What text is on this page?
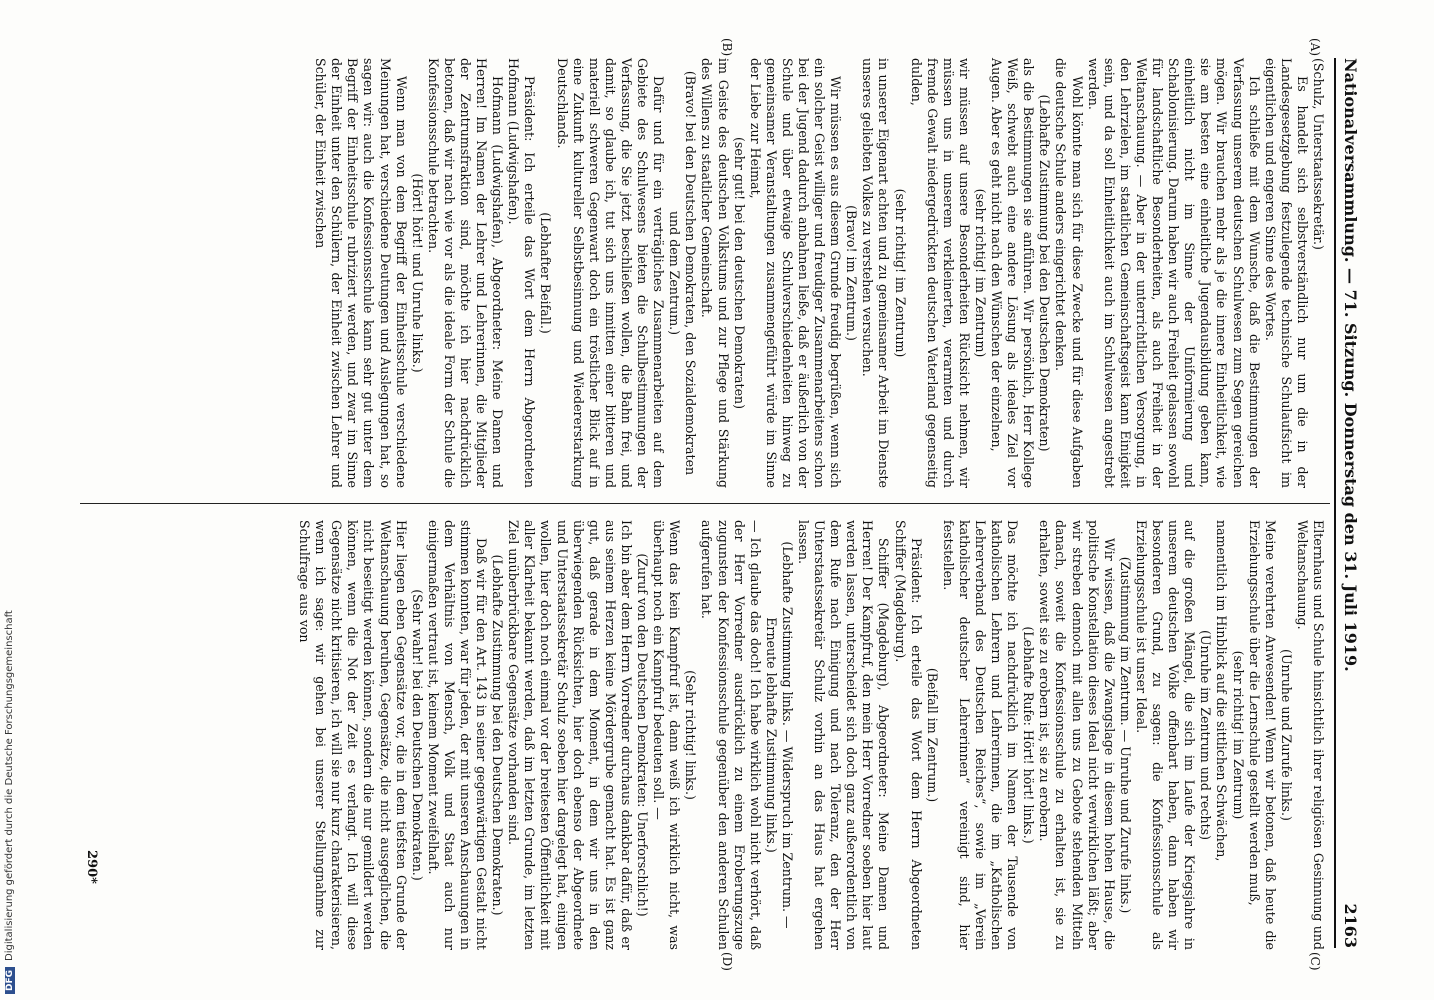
Nationalversammlung. — 71. Sitzung. Donnerstag den 31. Juli 1919.
2163
(A)
(B)
(C)
(D)

(Schulz, Unterstaatssekretär.)

Es handelt sich selbstverständlich nur um die in der Landesgesetzgebung festzulegende technische Schulaufsicht im eigentlichen und engeren Sinne des Wortes.

Ich schließe mit dem Wunsche, daß die Bestimmungen der Verfassung unserem deutschen Schulwesen zum Segen gereichen mögen. Wir brauchen mehr als je die innere Einheitlichkeit, wie sie am besten eine einheitliche Jugendausbildung geben kann, einheitlich nicht im Sinne der Uniformierung und Schablonisierung. Darum haben wir auch Freiheit gelassen sowohl für landschaftliche Besonderheiten, als auch Freiheit in der Weltanschauung. — Aber in der unterrichtlichen Versorgung, in den Lehrzielen, im staatlichen Gemeinschaftsgeist kann Einigkeit sein, und da soll Einheitlichkeit auch im Schulwesen angestrebt werden.

Wohl könnte man sich für diese Zwecke und für diese Aufgaben die deutsche Schule anders eingerichtet denken.

(Lebhafte Zustimmung bei den Deutschen Demokraten)

als die Bestimmungen sie anführen. Wir persönlich, Herr Kollege Weiß, schwebt auch eine andere Lösung als ideales Ziel vor Augen. Aber es geht nicht nach den Wünschen der einzelnen,

(sehr richtig! im Zentrum)

wir müssen auf unsere Besonderheiten Rücksicht nehmen, wir müssen uns in unserem verkleinerten, verarmten und durch fremde Gewalt niedergedrückten deutschen Vaterland gegenseitig dulden,

(sehr richtig! im Zentrum)

in unserer Eigenart achten und zu gemeinsamer Arbeit im Dienste unseres geliebten Volkes zu verstehen versuchen.

(Bravo! im Zentrum.)

Wir müssen es aus diesem Grunde freudig begrüßen, wenn sich ein solcher Geist williger und freudiger Zusammenarbeitens schon bei der Jugend dadurch anbahnen ließe, daß er äußerlich von der Schule und über etwaige Schulverschiedenheiten hinweg zu gemeinsamer Veranstaltungen zusammengeführt würde im Sinne der Liebe zur Heimat,

(sehr gut! bei den deutschen Demokraten)

im Geiste des deutschen Volkstums und zur Pflege und Stärkung des Willens zu staatlicher Gemeinschaft.

(Bravo! bei den Deutschen Demokraten, den Sozialdemokraten und dem Zentrum.)

Dafür und für ein verträgliches Zusammenarbeiten auf dem Gebiete des Schulwesens bieten die Schulbestimmungen der Verfassung, die Sie jetzt beschließen wollen, die Bahn frei, und damit, so glaube ich, tut sich uns inmitten einer bitteren und materiell schweren Gegenwart doch ein tröstlicher Blick auf in eine Zukunft kultureller Selbstbesinnung und Wiedererstarkung Deutschlands.

(Lebhafter Beifall.)

Präsident: Ich erteile das Wort dem Herrn Abgeordneten Hofmann (Ludwigshafen).

Hofmann (Ludwigshafen), Abgeordneter: Meine Damen und Herren! Im Namen der Lehrer und Lehrerinnen, die Mitglieder der Zentrumsfraktion sind, möchte ich hier nachdrücklich betonen, daß wir nach wie vor als die ideale Form der Schule die Konfessionsschule betrachten.

(Hört! hört! und Unruhe links.)

Wenn man von dem Begriff der Einheitsschule verschiedene Meinungen hat, verschiedene Deutungen und Auslegungen hat, so sagen wir: auch die Konfessionsschule kann sehr gut unter dem Begriff der Einheitsschule rubriziert werden, und zwar im Sinne der Einheit unter den Schülern, der Einheit zwischen Lehrer und Schüler, der Einheit zwischen

Elternhaus und Schule hinsichtlich ihrer religiösen Gesinnung und Weltanschauung.

(Unruhe und Zurufe links.)

Meine verehrten Anwesenden! Wenn wir betonen, daß heute die Erziehungsschule über die Lernschule gestellt werden muß,

(sehr richtig! im Zentrum)

namentlich im Hinblick auf die sittlichen Schwächen,

(Unruhe im Zentrum und rechts)

auf die großen Mängel, die sich im Laufe der Kriegsjahre in unserem deutschen Volke offenbart haben, dann haben wir besonderen Grund, zu sagen: die Konfessionsschule als Erziehungsschule ist unser Ideal.

(Zustimmung im Zentrum. — Unruhe und Zurufe links.)

Wir wissen, daß die Zwangslage in diesem hohen Hause, die politische Konstellation dieses Ideal nicht verwirklichen läßt; aber wir streben dennoch mit allen uns zu Gebote stehenden Mitteln danach, soweit die Konfessionsschule zu erhalten ist, sie zu erhalten, soweit sie zu erobern ist, sie zu erobern.

(Lebhafte Rufe: Hört! hört! links.)

Das möchte ich nachdrücklich im Namen der Tausende von katholischen Lehrern und Lehrerinnen, die im „Katholischen Lehrerverband des Deutschen Reiches“, sowie im „Verein katholischer deutscher Lehrerinnen“ vereinigt sind, hier feststellen.

(Beifall im Zentrum.)

Präsident: Ich erteile das Wort dem Herrn Abgeordneten Schiffer (Magdeburg).

Schiffer (Magdeburg), Abgeordneter: Meine Damen und Herren! Der Kampfruf, den mein Herr Vorredner soeben hier laut werden lassen, unterscheidet sich doch ganz außerordentlich von dem Rufe nach Einigung und nach Toleranz, den der Herr Unterstaatssekretär Schulz vorhin an das Haus hat ergehen lassen.

(Lebhafte Zustimmung links. — Widerspruch im Zentrum. — Erneute lebhafte Zustimmung links.)

— Ich glaube das doch! Ich habe wirklich wohl nicht verhört, daß der Herr Vorredner ausdrücklich zu einem Eroberungszuge zugunsten der Konfessionsschule gegenüber den anderen Schulen aufgerufen hat.

(Sehr richtig! links.)

Wenn das kein Kampfruf ist, dann weiß ich wirklich nicht, was überhaupt noch ein Kampfruf bedeuten soll. —

(Zuruf von den Deutschen Demokraten: Unerforschlich!)

Ich bin aber dem Herrn Vorredner durchaus dankbar dafür, daß er aus seinem Herzen keine Mördergrube gemacht hat. Es ist ganz gut, daß gerade in dem Moment, in dem wir uns in den überwiegenden Rücksichten, hier doch ebenso der Abgeordnete und Unterstaatssekretär Schulz soeben hier dargelegt hat, einigen wollen, hier doch noch einmal vor der breitesten Öffentlichkeit mit aller Klarheit bekannt werden, daß im letzten Grunde, im letzten Ziel unüberbrückbare Gegensätze vorhanden sind.

(Lebhafte Zustimmung bei den Deutschen Demokraten.)

Daß wir für den Art. 143 in seiner gegenwärtigen Gestalt nicht stimmen konnten, war für jeden, der mit unseren Anschauungen in dem Verhältnis von Mensch, Volk und Staat auch nur einigermaßen vertraut ist, keinem Moment zweifelhaft.

(Sehr wahr! bei den Deutschen Demokraten.)

Hier liegen eben Gegensätze vor, die in dem tiefsten Grunde der Weltanschauung beruhen, Gegensätze, die nicht ausgeglichen, die nicht beseitigt werden können, sondern die nur gemildert werden können, wenn die Not der Zeit es verlangt. Ich will diese Gegensätze nicht kritisieren, ich will sie nur kurz charakterisieren, wenn ich sage: wir gehen bei unserer Stellungnahme zur Schulfrage aus von

290*
DFGDigitalisierung gefördert durch die Deutsche Forschungsgemeinschaft
